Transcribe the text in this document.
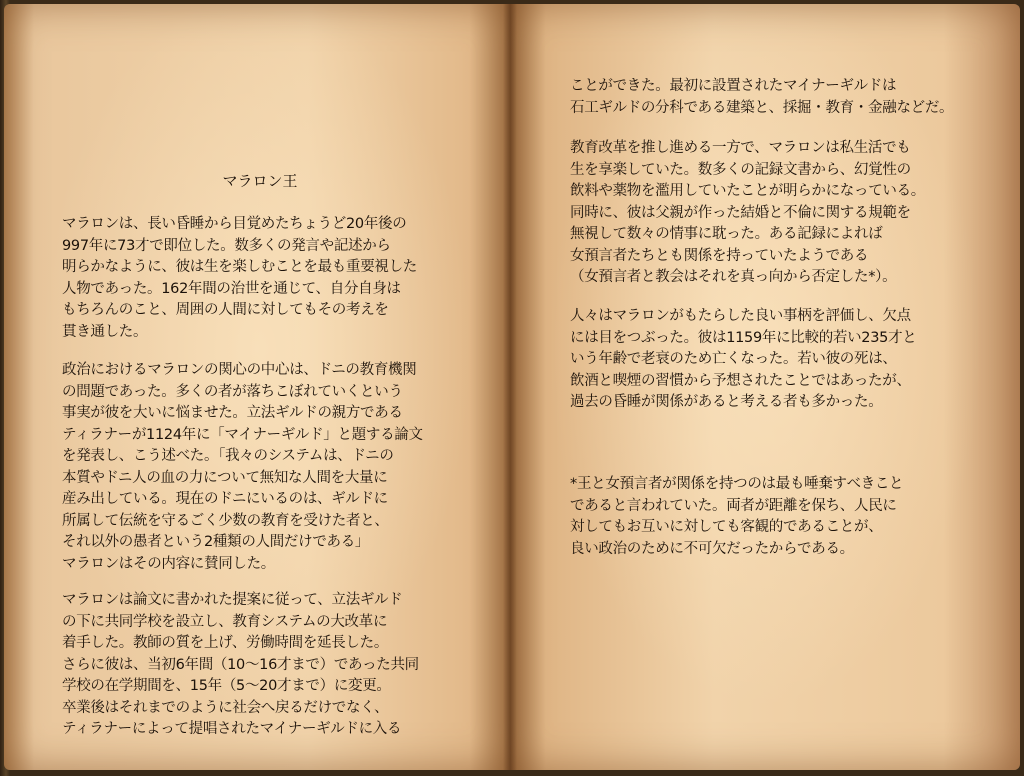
マラロン王

マラロンは、長い昏睡から目覚めたちょうど20年後の
997年に73才で即位した。数多くの発言や記述から
明らかなように、彼は生を楽しむことを最も重要視した
人物であった。162年間の治世を通じて、自分自身は
もちろんのこと、周囲の人間に対してもその考えを
貫き通した。

政治におけるマラロンの関心の中心は、ドニの教育機関
の問題であった。多くの者が落ちこぼれていくという
事実が彼を大いに悩ませた。立法ギルドの親方である
ティラナーが1124年に「マイナーギルド」と題する論文
を発表し、こう述べた。「我々のシステムは、ドニの
本質やドニ人の血の力について無知な人間を大量に
産み出している。現在のドニにいるのは、ギルドに
所属して伝統を守るごく少数の教育を受けた者と、
それ以外の愚者という2種類の人間だけである」
マラロンはその内容に賛同した。

マラロンは論文に書かれた提案に従って、立法ギルド
の下に共同学校を設立し、教育システムの大改革に
着手した。教師の質を上げ、労働時間を延長した。
さらに彼は、当初6年間（10～16才まで）であった共同
学校の在学期間を、15年（5～20才まで）に変更。
卒業後はそれまでのように社会へ戻るだけでなく、
ティラナーによって提唱されたマイナーギルドに入る

ことができた。最初に設置されたマイナーギルドは
石工ギルドの分科である建築と、採掘・教育・金融などだ。

教育改革を推し進める一方で、マラロンは私生活でも
生を享楽していた。数多くの記録文書から、幻覚性の
飲料や薬物を濫用していたことが明らかになっている。
同時に、彼は父親が作った結婚と不倫に関する規範を
無視して数々の情事に耽った。ある記録によれば
女預言者たちとも関係を持っていたようである
（女預言者と教会はそれを真っ向から否定した*）。

人々はマラロンがもたらした良い事柄を評価し、欠点
には目をつぶった。彼は1159年に比較的若い235才と
いう年齢で老衰のため亡くなった。若い彼の死は、
飲酒と喫煙の習慣から予想されたことではあったが、
過去の昏睡が関係があると考える者も多かった。

*王と女預言者が関係を持つのは最も唾棄すべきこと
であると言われていた。両者が距離を保ち、人民に
対してもお互いに対しても客観的であることが、
良い政治のために不可欠だったからである。
